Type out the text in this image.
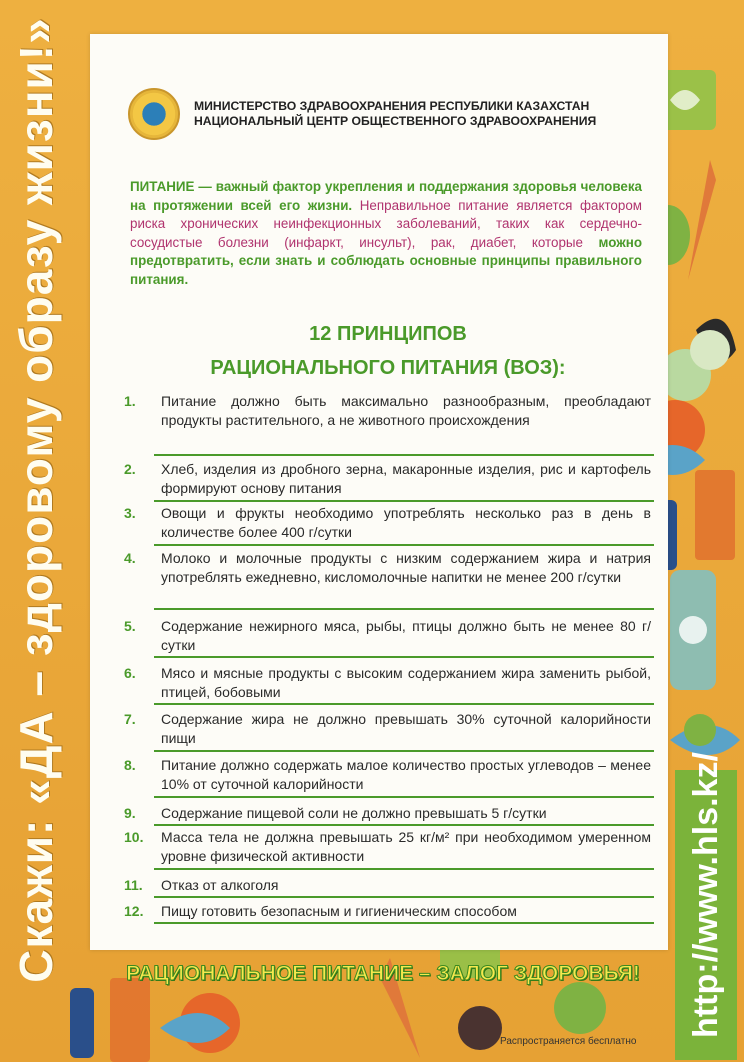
Скажи: «ДА – здоровому образу жизни!»	http://www.hls.kz/
МИНИСТЕРСТВО ЗДРАВООХРАНЕНИЯ РЕСПУБЛИКИ КАЗАХСТАН
НАЦИОНАЛЬНЫЙ ЦЕНТР ОБЩЕСТВЕННОГО ЗДРАВООХРАНЕНИЯ
ПИТАНИЕ — важный фактор укрепления и поддержания здоровья человека на протяжении всей его жизни. Неправильное питание является фактором риска хронических неинфекционных заболеваний, таких как сердечно-сосудистые болезни (инфаркт, инсульт), рак, диабет, которые можно предотвратить, если знать и соблюдать основные принципы правильного питания.
12 ПРИНЦИПОВ
РАЦИОНАЛЬНОГО ПИТАНИЯ (ВОЗ):
1.	Питание должно быть максимально разнообразным, преобладают продукты растительного, а не животного происхождения
2.	Хлеб, изделия из дробного зерна, макаронные изделия, рис и картофель формируют основу питания
3.	Овощи и фрукты необходимо употреблять несколько раз в день в количестве более 400 г/сутки
4.	Молоко и молочные продукты с низким содержанием жира и натрия употреблять ежедневно, кисломолочные напитки не менее 200 г/сутки
5.	Содержание нежирного мяса, рыбы, птицы должно быть не менее 80 г/сутки
6.	Мясо и мясные продукты с высоким содержанием жира заменить рыбой, птицей, бобовыми
7.	Содержание жира не должно превышать 30% суточной калорийности пищи
8.	Питание должно содержать малое количество простых углеводов – менее 10% от суточной калорийности
9.	Содержание пищевой соли не должно превышать 5 г/сутки
10.	Масса тела не должна превышать 25 кг/м² при необходимом умеренном уровне физической активности
11.	Отказ от алкоголя
12.	Пищу готовить безопасным и гигиеническим способом
РАЦИОНАЛЬНОЕ ПИТАНИЕ – ЗАЛОГ ЗДОРОВЬЯ!
Распространяется бесплатно
